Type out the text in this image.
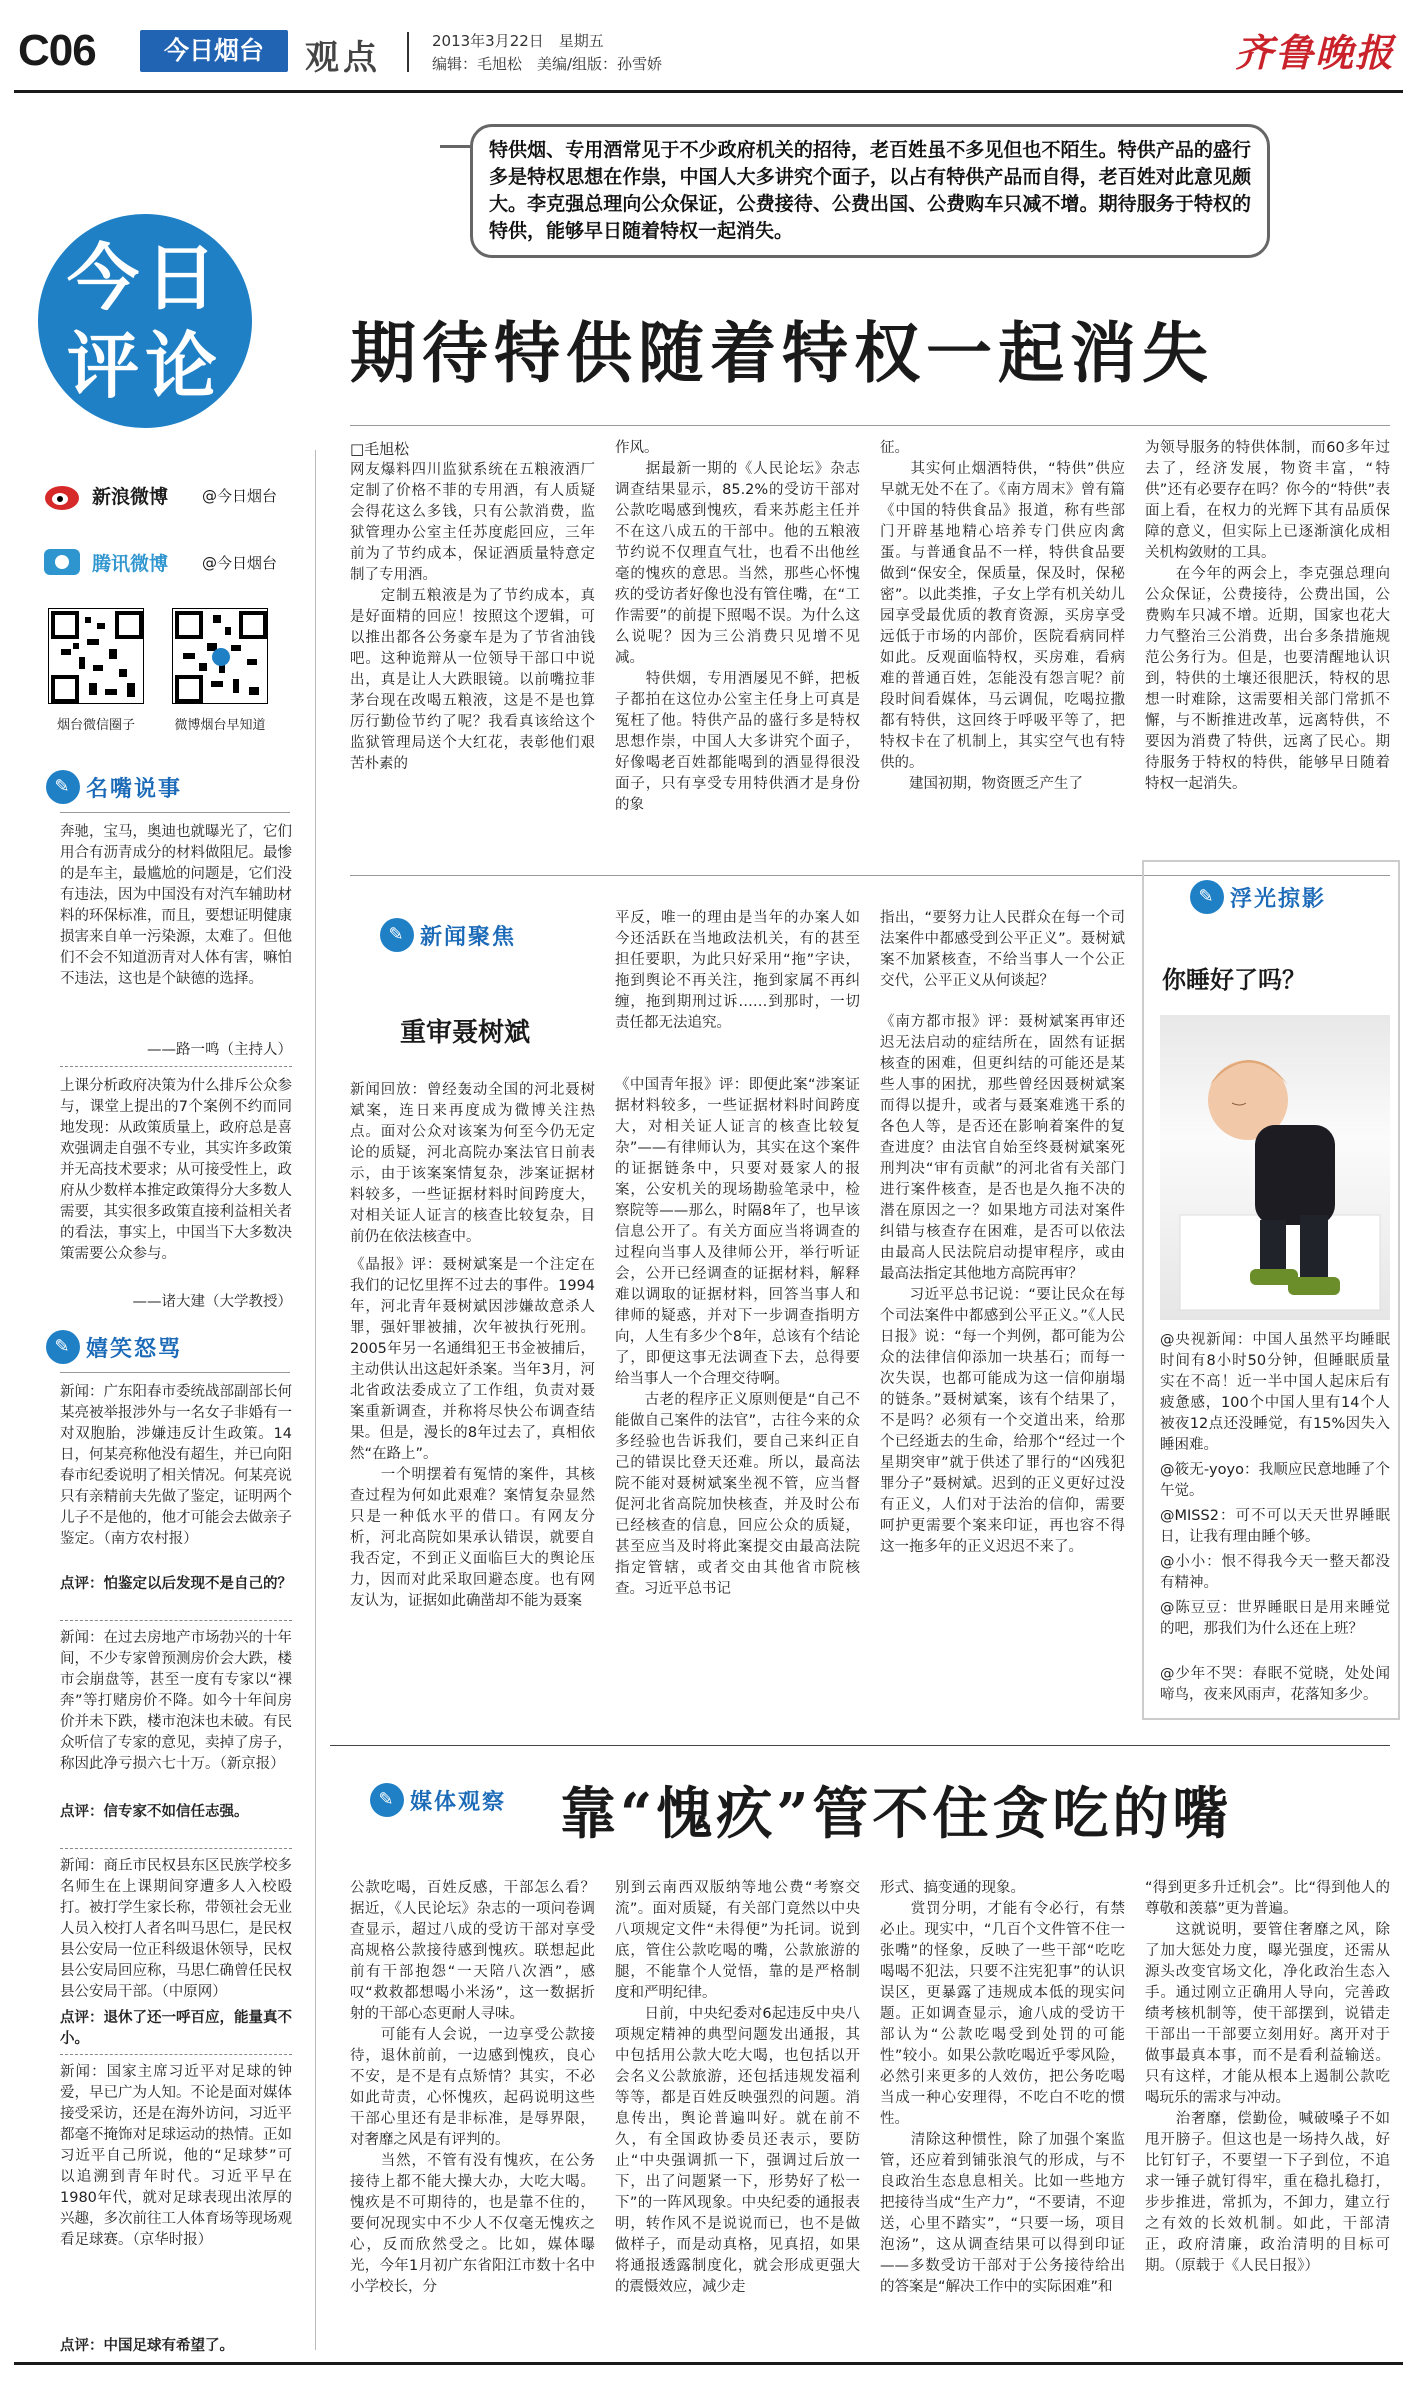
C06	今日烟台	观点	2013年3月22日　星期五
编辑：毛旭松　美编/组版：孙雪娇	齐鲁晚报
特供烟、专用酒常见于不少政府机关的招待，老百姓虽不多见但也不陌生。特供产品的盛行多是特权思想在作祟，中国人大多讲究个面子，以占有特供产品而自得，老百姓对此意见颇大。李克强总理向公众保证，公费接待、公费出国、公费购车只减不增。期待服务于特权的特供，能够早日随着特权一起消失。
今日评论	期待特供随着特权一起消失
新浪微博	@今日烟台
腾讯微博	@今日烟台
烟台微信圈子	微博烟台早知道
✎ 名嘴说事
奔驰，宝马，奥迪也就曝光了，它们用合有沥青成分的材料做阻尼。最惨的是车主，最尴尬的问题是，它们没有违法，因为中国没有对汽车辅助材料的环保标准，而且，要想证明健康损害来自单一污染源，太难了。但他们不会不知道沥青对人体有害，嘛怕不违法，这也是个缺德的选择。
——路一鸣（主持人）
上课分析政府决策为什么排斥公众参与，课堂上提出的7个案例不约而同地发现：从政策质量上，政府总是喜欢强调走自强不专业，其实许多政策并无高技术要求；从可接受性上，政府从少数样本推定政策得分大多数人需要，其实很多政策直接利益相关者的看法，事实上，中国当下大多数决策需要公众参与。
——诸大建（大学教授）
✎ 嬉笑怒骂
新闻：广东阳春市委统战部副部长何某亮被举报涉外与一名女子非婚有一对双胞胎，涉嫌违反计生政策。14日，何某亮称他没有超生，并已向阳春市纪委说明了相关情况。何某亮说只有亲精前夫先做了鉴定，证明两个儿子不是他的，他才可能会去做亲子鉴定。（南方农村报）
点评：怕鉴定以后发现不是自己的？
新闻：在过去房地产市场勃兴的十年间，不少专家曾预测房价会大跌，楼市会崩盘等，甚至一度有专家以“裸奔”等打赌房价不降。如今十年间房价并未下跌，楼市泡沫也未破。有民众听信了专家的意见，卖掉了房子，称因此净亏损六七十万。（新京报）
点评：信专家不如信任志强。
新闻：商丘市民权县东区民族学校多名师生在上课期间穿遭多人入校殴打。被打学生家长称，带领社会无业人员入校打人者名叫马思仁，是民权县公安局一位正科级退休领导，民权县公安局回应称，马思仁确曾任民权县公安局干部。（中原网）
点评：退休了还一呼百应，能量真不小。
新闻：国家主席习近平对足球的钟爱，早已广为人知。不论是面对媒体接受采访，还是在海外访问，习近平都毫不掩饰对足球运动的热情。正如习近平自己所说，他的“足球梦”可以追溯到青年时代。习近平早在1980年代，就对足球表现出浓厚的兴趣，多次前往工人体育场等现场观看足球赛。（京华时报）
点评：中国足球有希望了。
□毛旭松
网友爆料四川监狱系统在五粮液酒厂定制了价格不菲的专用酒，有人质疑会得花这么多钱，只有公款消费，监狱管理办公室主任苏度彪回应，三年前为了节约成本，保证酒质量特意定制了专用酒。
　　定制五粮液是为了节约成本，真是好面精的回应！按照这个逻辑，可以推出都各公务豪车是为了节省油钱吧。这种诡辩从一位领导干部口中说出，真是让人大跌眼镜。以前嘴拉菲茅台现在改喝五粮液，这是不是也算厉行勤俭节约了呢？我看真该给这个监狱管理局送个大红花，表彰他们艰苦朴素的
作风。
　　据最新一期的《人民论坛》杂志调查结果显示，85.2%的受访干部对公款吃喝感到愧疚，看来苏彪主任并不在这八成五的干部中。他的五粮液节约说不仅理直气壮，也看不出他丝毫的愧疚的意思。当然，那些心怀愧疚的受访者好像也没有管住嘴，在“工作需要”的前提下照喝不误。为什么这么说呢？因为三公消费只见增不见减。
　　特供烟，专用酒屡见不鲜，把板子都拍在这位办公室主任身上可真是冤枉了他。特供产品的盛行多是特权思想作崇，中国人大多讲究个面子，好像喝老百姓都能喝到的酒显得很没面子，只有享受专用特供酒才是身份的象
征。
　　其实何止烟酒特供，“特供”供应早就无处不在了。《南方周末》曾有篇《中国的特供食品》报道，称有些部门开辟基地精心培养专门供应肉禽蛋。与普通食品不一样，特供食品要做到“保安全，保质量，保及时，保秘密”。以此类推，子女上学有机关幼儿园享受最优质的教育资源，买房享受远低于市场的内部价，医院看病同样如此。反观面临特权，买房难，看病难的普通百姓，怎能没有怨言呢？前段时间看媒体，马云调侃，吃喝拉撒都有特供，这回终于呼吸平等了，把特权卡在了机制上，其实空气也有特供的。
　　建国初期，物资匮乏产生了
为领导服务的特供体制，而60多年过去了，经济发展，物资丰富，“特供”还有必要存在吗？你今的“特供”表面上看，在权力的光辉下其有品质保障的意义，但实际上已逐渐演化成相关机构敛财的工具。
　　在今年的两会上，李克强总理向公众保证，公费接待，公费出国，公费购车只减不增。近期，国家也花大力气整治三公消费，出台多条措施规范公务行为。但是，也要清醒地认识到，特供的土壤还很肥沃，特权的思想一时难除，这需要相关部门常抓不懈，与不断推进改革，远离特供，不要因为消费了特供，远离了民心。期待服务于特权的特供，能够早日随着特权一起消失。
✎ 新闻聚焦
重审聂树斌
新闻回放：曾经轰动全国的河北聂树斌案，连日来再度成为微博关注热点。面对公众对该案为何至今仍无定论的质疑，河北高院办案法官日前表示，由于该案案情复杂，涉案证据材料较多，一些证据材料时间跨度大，对相关证人证言的核查比较复杂，目前仍在依法核查中。
《晶报》评：聂树斌案是一个注定在我们的记忆里挥不过去的事件。1994年，河北青年聂树斌因涉嫌故意杀人罪，强奸罪被捕，次年被执行死刑。2005年另一名通缉犯王书金被捕后，主动供认出这起奸杀案。当年3月，河北省政法委成立了工作组，负责对聂案重新调查，并称将尽快公布调查结果。但是，漫长的8年过去了，真相依然“在路上”。
　　一个明摆着有冤情的案件，其核查过程为何如此艰难？案情复杂显然只是一种低水平的借口。有网友分析，河北高院如果承认错误，就要自我否定，不到正义面临巨大的舆论压力，因而对此采取回避态度。也有网友认为，证据如此确凿却不能为聂案
平反，唯一的理由是当年的办案人如今还活跃在当地政法机关，有的甚至担任要职，为此只好采用“拖”字诀，拖到舆论不再关注，拖到家属不再纠缠，拖到期刑过诉……到那时，一切责任都无法追究。
《中国青年报》评：即便此案“涉案证据材料较多，一些证据材料时间跨度大，对相关证人证言的核查比较复杂”——有律师认为，其实在这个案件的证据链条中，只要对聂家人的报案，公安机关的现场勘验笔录中，检察院等——那么，时隔8年了，也早该信息公开了。有关方面应当将调查的过程向当事人及律师公开，举行听证会，公开已经调查的证据材料，解释难以调取的证据材料，回答当事人和律师的疑惑，并对下一步调查指明方向，人生有多少个8年，总该有个结论了，即便这事无法调查下去，总得要给当事人一个合理交待啊。
　　古老的程序正义原则便是“自己不能做自己案件的法官”，古往今来的众多经验也告诉我们，要自己来纠正自己的错误比登天还难。所以，最高法院不能对聂树斌案坐视不管，应当督促河北省高院加快核查，并及时公布已经核查的信息，回应公众的质疑，甚至应当及时将此案提交由最高法院指定管辖，或者交由其他省市院核查。习近平总书记
指出，“要努力让人民群众在每一个司法案件中都感受到公平正义”。聂树斌案不加紧核查，不给当事人一个公正交代，公平正义从何谈起？
《南方都市报》评：聂树斌案再审还迟无法启动的症结所在，固然有证据核查的困难，但更纠结的可能还是某些人事的困扰，那些曾经因聂树斌案而得以提升，或者与聂案难逃干系的各色人等，是否还在影响着案件的复查进度？由法官自始至终聂树斌案死刑判决“审有贡献”的河北省有关部门进行案件核查，是否也是久拖不决的潜在原因之一？如果地方司法对案件纠错与核查存在困难，是否可以依法由最高人民法院启动提审程序，或由最高法指定其他地方高院再审？
　　习近平总书记说：“要让民众在每个司法案件中都感到公平正义。”《人民日报》说：“每一个判例，都可能为公众的法律信仰添加一块基石；而每一次失误，也都可能成为这一信仰崩塌的链条。”聂树斌案，该有个结果了，不是吗？必须有一个交道出来，给那个已经逝去的生命，给那个“经过一个星期突审”就于供述了罪行的“凶残犯罪分子”聂树斌。迟到的正义更好过没有正义，人们对于法治的信仰，需要呵护更需要个案来印证，再也容不得这一拖多年的正义迟迟不来了。
✎ 浮光掠影
你睡好了吗？
@央视新闻：中国人虽然平均睡眠时间有8小时50分钟，但睡眠质量实在不高！近一半中国人起床后有疲惫感，100个中国人里有14个人被夜12点还没睡觉，有15%因失入睡困难。
@筱无-yoyo：我顺应民意地睡了个午觉。
@MISS2：可不可以天天世界睡眠日，让我有理由睡个够。
@小小：恨不得我今天一整天都没有精神。
@陈豆豆：世界睡眠日是用来睡觉的吧，那我们为什么还在上班？
@少年不哭：春眠不觉晓，处处闻啼鸟，夜来风雨声，花落知多少。
✎ 媒体观察 靠“愧疚”管不住贪吃的嘴
公款吃喝，百姓反感，干部怎么看？据近，《人民论坛》杂志的一项问卷调查显示，超过八成的受访干部对享受高规格公款接待感到愧疚。联想起此前有干部抱怨“一天陪八次酒”，感叹“救救都想喝小米汤”，这一数据折射的干部心态更耐人寻味。
　　可能有人会说，一边享受公款接待，退休前前，一边感到愧疚，良心不安，是不是有点矫情？其实，不必如此苛责，心怀愧疚，起码说明这些干部心里还有是非标准，是辱界限，对奢靡之风是有评判的。
　　当然，不管有没有愧疚，在公务接待上都不能大操大办，大吃大喝。愧疚是不可期待的，也是靠不住的，要何况现实中不少人不仅毫无愧疚之心，反而欣然受之。比如，媒体曝光，今年1月初广东省阳江市数十名中小学校长，分
别到云南西双版纳等地公费“考察交流”。面对质疑，有关部门竟然以中央八项规定文件“未得便”为托词。说到底，管住公款吃喝的嘴，公款旅游的腿，不能靠个人觉悟，靠的是严格制度和严明纪律。
　　日前，中央纪委对6起违反中央八项规定精神的典型问题发出通报，其中包括用公款大吃大喝，也包括以开会名义公款旅游，还包括违规发福利等等，都是百姓反映强烈的问题。消息传出，舆论普遍叫好。就在前不久，有全国政协委员还表示，要防止“中央强调抓一下，强调过后放一下，出了问题紧一下，形势好了松一下”的一阵风现象。中央纪委的通报表明，转作风不是说说而已，也不是做做样子，而是动真格，见真招，如果将通报透露制度化，就会形成更强大的震慑效应，减少走
形式、搞变通的现象。
　　赏罚分明，才能有令必行，有禁必止。现实中，“几百个文件管不住一张嘴”的怪象，反映了一些干部“吃吃喝喝不犯法，只要不注宪犯事”的认识误区，更暴露了违规成本低的现实问题。正如调查显示，逾八成的受访干部认为“公款吃喝受到处罚的可能性”较小。如果公款吃喝近乎零风险，必然引来更多的人效仿，把公务吃喝当成一种心安理得，不吃白不吃的惯性。
　　清除这种惯性，除了加强个案监管，还应着到铺张浪气的形成，与不良政治生态息息相关。比如一些地方把接待当成“生产力”，“不要请，不迎送，心里不踏实”，“只要一场，项目泡汤”，这从调查结果可以得到印证——多数受访干部对于公务接待给出的答案是“解决工作中的实际困难”和
“得到更多升迁机会”。比“得到他人的尊敬和羡慕”更为普遍。
　　这就说明，要管住奢靡之风，除了加大惩处力度，曝光强度，还需从源头改变官场文化，净化政治生态入手。通过刚立正确用人导向，完善政绩考核机制等，使干部摆到，说错走干部出一干部要立刻用好。离开对于做事最真本事，而不是看利益输送。只有这样，才能从根本上遏制公款吃喝玩乐的需求与冲动。
　　治奢靡，偿勤俭，喊破嗓子不如甩开膀子。但这也是一场持久战，好比钉钉子，不要望一下子到位，不追求一锤子就钉得牢，重在稳扎稳打，步步推进，常抓为，不卸力，建立行之有效的长效机制。如此，干部清正，政府清廉，政治清明的目标可期。（原载于《人民日报》）
